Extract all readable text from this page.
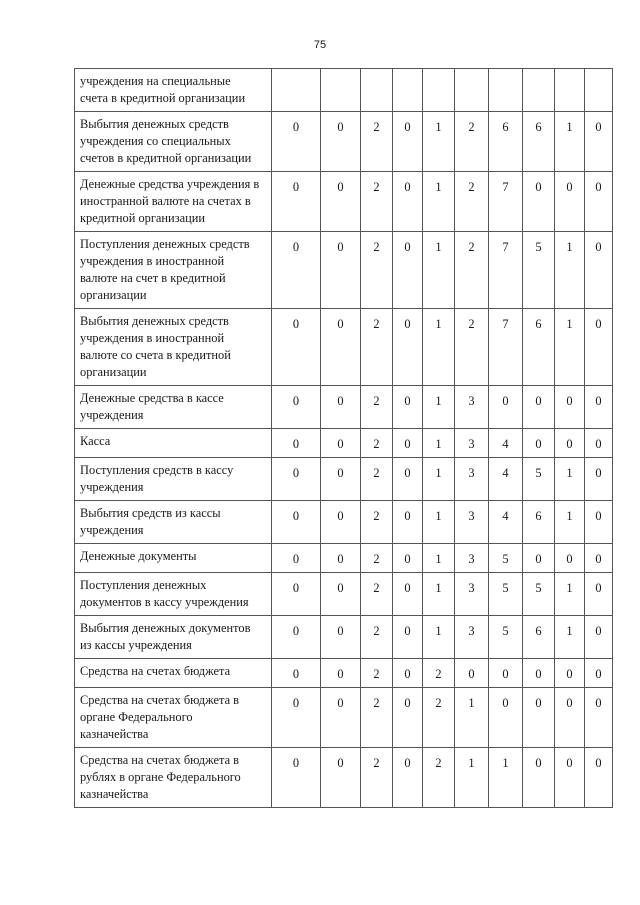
75
учреждения на специальные
счета в кредитной организации										

Выбытия денежных средств
учреждения со специальных
счетов в кредитной организации	0	0	2	0	1	2	6	6	1	0

Денежные средства учреждения в
иностранной валюте на счетах в
кредитной организации	0	0	2	0	1	2	7	0	0	0

Поступления денежных средств
учреждения в иностранной
валюте на счет в кредитной
организации	0	0	2	0	1	2	7	5	1	0

Выбытия денежных средств
учреждения в иностранной
валюте со счета в кредитной
организации	0	0	2	0	1	2	7	6	1	0

Денежные средства в кассе
учреждения	0	0	2	0	1	3	0	0	0	0

Касса	0	0	2	0	1	3	4	0	0	0

Поступления средств в кассу
учреждения	0	0	2	0	1	3	4	5	1	0

Выбытия средств из кассы
учреждения	0	0	2	0	1	3	4	6	1	0

Денежные документы	0	0	2	0	1	3	5	0	0	0

Поступления денежных
документов в кассу учреждения	0	0	2	0	1	3	5	5	1	0

Выбытия денежных документов
из кассы учреждения	0	0	2	0	1	3	5	6	1	0

Средства на счетах бюджета	0	0	2	0	2	0	0	0	0	0

Средства на счетах бюджета в
органе Федерального
казначейства	0	0	2	0	2	1	0	0	0	0

Средства на счетах бюджета в
рублях в органе Федерального
казначейства	0	0	2	0	2	1	1	0	0	0
